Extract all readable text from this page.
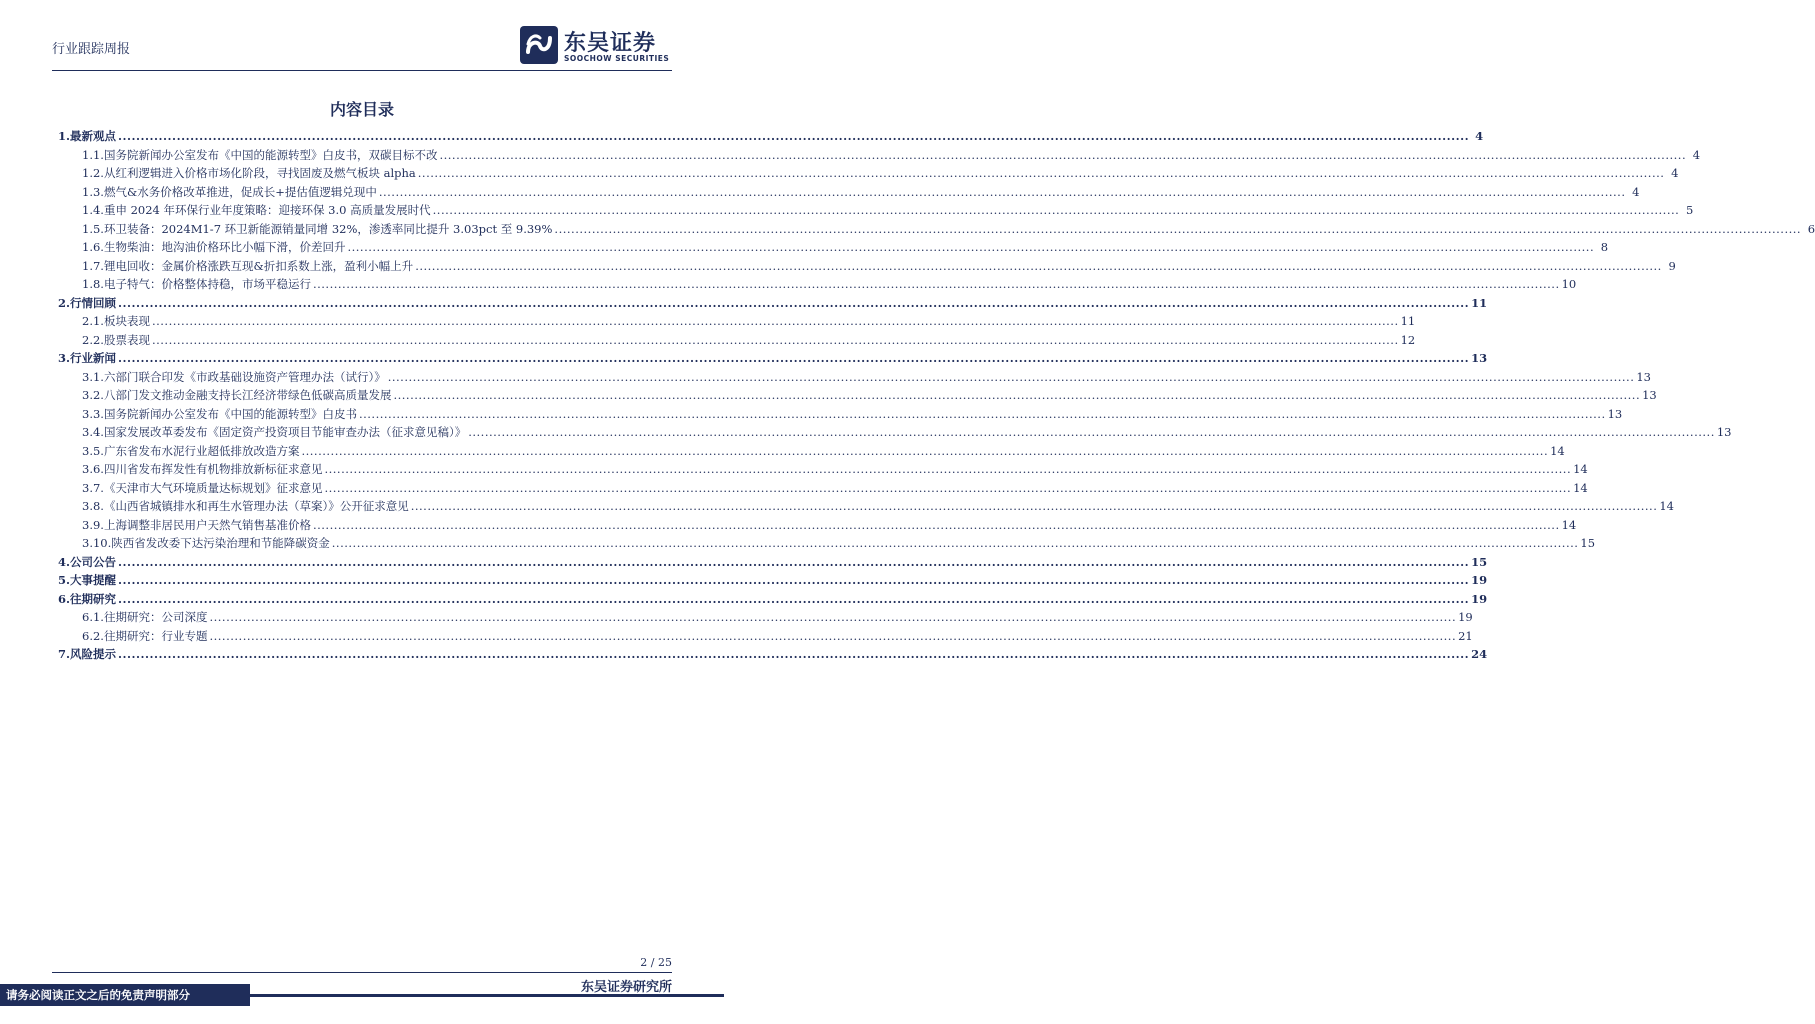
行业跟踪周报	东吴证券
SOOCHOW SECURITIES
内容目录
1. 最新观点 ............................................................................................................................................................................................................................................................................................................ 4
1.1. 国务院新闻办公室发布《中国的能源转型》白皮书，双碳目标不改 ............................................................................................................................................................................................................................................................................................................ 4
1.2. 从红利逻辑进入价格市场化阶段，寻找固废及燃气板块 alpha ............................................................................................................................................................................................................................................................................................................ 4
1.3. 燃气&水务价格改革推进，促成长+提估值逻辑兑现中 ............................................................................................................................................................................................................................................................................................................ 4
1.4. 重申 2024 年环保行业年度策略：迎接环保 3.0 高质量发展时代 ............................................................................................................................................................................................................................................................................................................ 5
1.5. 环卫装备：2024M1-7 环卫新能源销量同增 32%，渗透率同比提升 3.03pct 至 9.39% ............................................................................................................................................................................................................................................................................................................ 6
1.6. 生物柴油：地沟油价格环比小幅下滑，价差回升 ............................................................................................................................................................................................................................................................................................................ 8
1.7. 锂电回收：金属价格涨跌互现&折扣系数上涨，盈利小幅上升 ............................................................................................................................................................................................................................................................................................................ 9
1.8. 电子特气：价格整体持稳，市场平稳运行 ............................................................................................................................................................................................................................................................................................................ 10
2. 行情回顾 ............................................................................................................................................................................................................................................................................................................ 11
2.1. 板块表现 ............................................................................................................................................................................................................................................................................................................ 11
2.2. 股票表现 ............................................................................................................................................................................................................................................................................................................ 12
3. 行业新闻 ............................................................................................................................................................................................................................................................................................................ 13
3.1. 六部门联合印发《市政基础设施资产管理办法（试行）》 ............................................................................................................................................................................................................................................................................................................ 13
3.2. 八部门发文推动金融支持长江经济带绿色低碳高质量发展 ............................................................................................................................................................................................................................................................................................................ 13
3.3. 国务院新闻办公室发布《中国的能源转型》白皮书 ............................................................................................................................................................................................................................................................................................................ 13
3.4. 国家发展改革委发布《固定资产投资项目节能审查办法（征求意见稿）》 ............................................................................................................................................................................................................................................................................................................ 13
3.5. 广东省发布水泥行业超低排放改造方案 ............................................................................................................................................................................................................................................................................................................ 14
3.6. 四川省发布挥发性有机物排放新标征求意见 ............................................................................................................................................................................................................................................................................................................ 14
3.7. 《天津市大气环境质量达标规划》征求意见 ............................................................................................................................................................................................................................................................................................................ 14
3.8. 《山西省城镇排水和再生水管理办法（草案）》公开征求意见 ............................................................................................................................................................................................................................................................................................................ 14
3.9. 上海调整非居民用户天然气销售基准价格 ............................................................................................................................................................................................................................................................................................................ 14
3.10. 陕西省发改委下达污染治理和节能降碳资金 ............................................................................................................................................................................................................................................................................................................ 15
4. 公司公告 ............................................................................................................................................................................................................................................................................................................ 15
5. 大事提醒 ............................................................................................................................................................................................................................................................................................................ 19
6. 往期研究 ............................................................................................................................................................................................................................................................................................................ 19
6.1. 往期研究：公司深度 ............................................................................................................................................................................................................................................................................................................ 19
6.2. 往期研究：行业专题 ............................................................................................................................................................................................................................................................................................................ 21
7. 风险提示 ............................................................................................................................................................................................................................................................................................................ 24
2 / 25
请务必阅读正文之后的免责声明部分	东吴证券研究所
